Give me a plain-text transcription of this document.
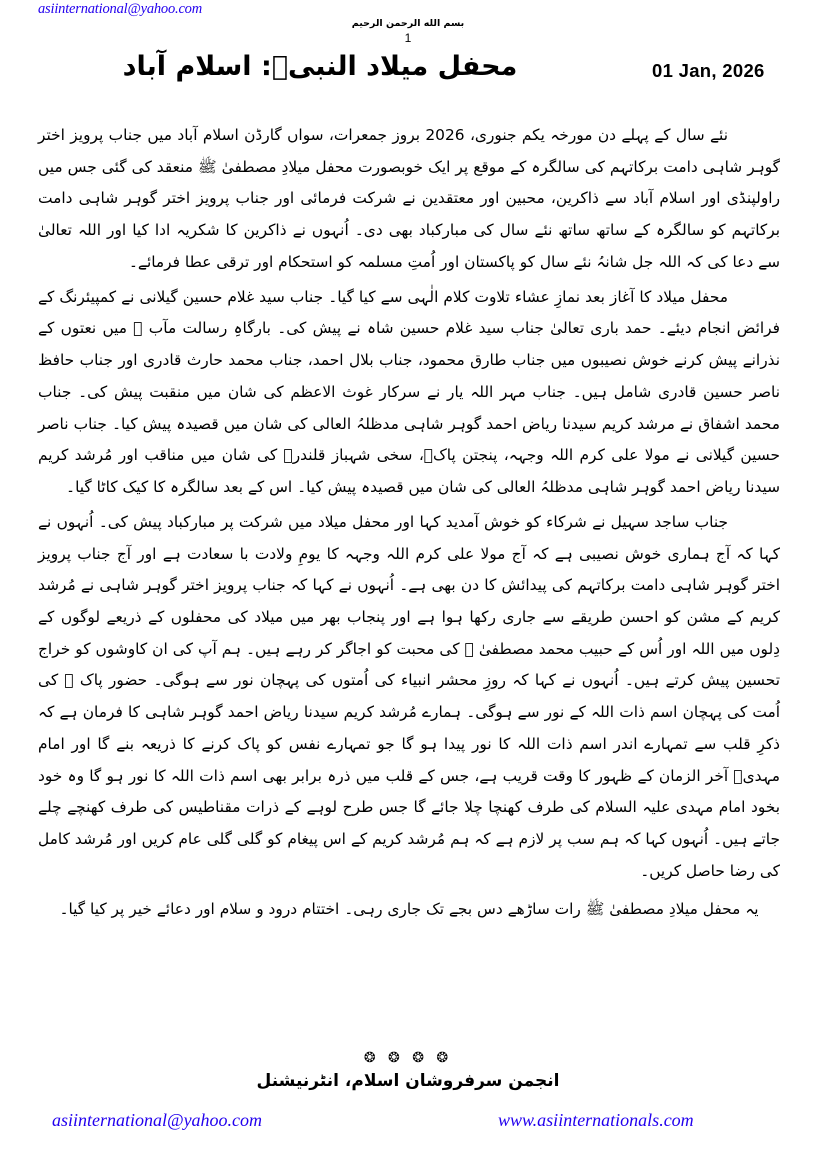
asiinternational@yahoo.com
بسم الله الرحمن الرحيم
1
محفل میلاد النبیؐ: اسلام آباد	01 Jan, 2026

نئے سال کے پہلے دن مورخہ یکم جنوری، 2026 بروز جمعرات، سواں گارڈن اسلام آباد میں جناب پرویز اختر گوہر شاہی دامت برکاتہم کی سالگرہ کے موقع پر ایک خوبصورت محفل میلادِ مصطفیٰ ﷺ منعقد کی گئی جس میں راولپنڈی اور اسلام آباد سے ذاکرین، محبین اور معتقدین نے شرکت فرمائی اور جناب پرویز اختر گوہر شاہی دامت برکاتہم کو سالگرہ کے ساتھ ساتھ نئے سال کی مبارکباد بھی دی۔ اُنہوں نے ذاکرین کا شکریہ ادا کیا اور اللہ تعالیٰ سے دعا کی کہ اللہ جل شانہُ نئے سال کو پاکستان اور اُمتِ مسلمہ کو استحکام اور ترقی عطا فرمائے۔

محفل میلاد کا آغاز بعد نمازِ عشاء تلاوت کلام الٰہی سے کیا گیا۔ جناب سید غلام حسین گیلانی نے کمپیئرنگ کے فرائض انجام دیئے۔ حمد باری تعالیٰ جناب سید غلام حسین شاہ نے پیش کی۔ بارگاہِ رسالت مآب ﷺ میں نعتوں کے نذرانے پیش کرنے خوش نصیبوں میں جناب طارق محمود، جناب بلال احمد، جناب محمد حارث قادری اور جناب حافظ ناصر حسین قادری شامل ہیں۔ جناب مہر اللہ یار نے سرکار غوث الاعظم کی شان میں منقبت پیش کی۔ جناب محمد اشفاق نے مرشد کریم سیدنا ریاض احمد گوہر شاہی مدظلہُ العالی کی شان میں قصیدہ پیش کیا۔ جناب ناصر حسین گیلانی نے مولا علی کرم اللہ وجہہ، پنجتن پاکؑ، سخی شہباز قلندرؒ کی شان میں مناقب اور مُرشد کریم سیدنا ریاض احمد گوہر شاہی مدظلہُ العالی کی شان میں قصیدہ پیش کیا۔ اس کے بعد سالگرہ کا کیک کاٹا گیا۔

جناب ساجد سہیل نے شرکاء کو خوش آمدید کہا اور محفل میلاد میں شرکت پر مبارکباد پیش کی۔ اُنہوں نے کہا کہ آج ہماری خوش نصیبی ہے کہ آج مولا علی کرم اللہ وجہہ کا یومِ ولادت با سعادت ہے اور آج جناب پرویز اختر گوہر شاہی دامت برکاتہم کی پیدائش کا دن بھی ہے۔ اُنہوں نے کہا کہ جناب پرویز اختر گوہر شاہی نے مُرشد کریم کے مشن کو احسن طریقے سے جاری رکھا ہوا ہے اور پنجاب بھر میں میلاد کی محفلوں کے ذریعے لوگوں کے دِلوں میں اللہ اور اُس کے حبیب محمد مصطفیٰ ﷺ کی محبت کو اجاگر کر رہے ہیں۔ ہم آپ کی ان کاوشوں کو خراج تحسین پیش کرتے ہیں۔ اُنہوں نے کہا کہ روزِ محشر انبیاء کی اُمتوں کی پہچان نور سے ہوگی۔ حضور پاک ﷺ کی اُمت کی پہچان اسم ذات اللہ کے نور سے ہوگی۔ ہمارے مُرشد کریم سیدنا ریاض احمد گوہر شاہی کا فرمان ہے کہ ذکرِ قلب سے تمہارے اندر اسم ذات اللہ کا نور پیدا ہو گا جو تمہارے نفس کو پاک کرنے کا ذریعہ بنے گا اور امام مہدیؑ آخر الزمان کے ظہور کا وقت قریب ہے، جس کے قلب میں ذرہ برابر بھی اسم ذات اللہ کا نور ہو گا وہ خود بخود امام مہدی علیہ السلام کی طرف کھنچا چلا جائے گا جس طرح لوہے کے ذرات مقناطیس کی طرف کھنچے چلے جاتے ہیں۔ اُنہوں کہا کہ ہم سب پر لازم ہے کہ ہم مُرشد کریم کے اس پیغام کو گلی گلی عام کریں اور مُرشد کامل کی رضا حاصل کریں۔

یہ محفل میلادِ مصطفیٰ ﷺ رات ساڑھے دس بجے تک جاری رہی۔ اختتام درود و سلام اور دعائے خیر پر کیا گیا۔

❂ ❂ ❂ ❂
انجمن سرفروشان اسلام، انٹرنیشنل
asiinternational@yahoo.com	www.asiinternationals.com
